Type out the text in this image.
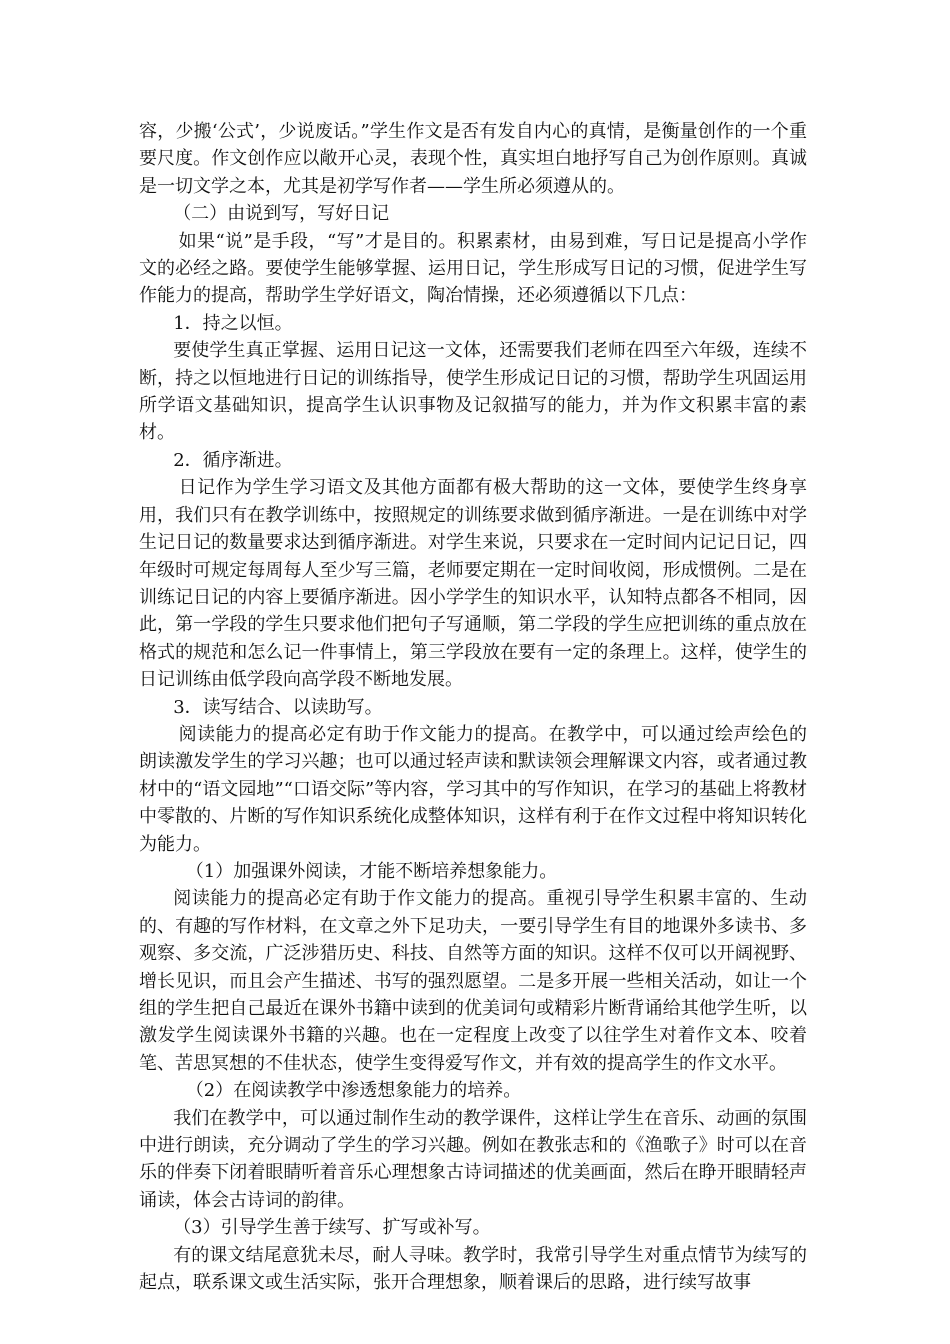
容，少搬‘公式’，少说废话。”学生作文是否有发自内心的真情，是衡量创作的一个重要尺度。作文创作应以敞开心灵，表现个性，真实坦白地抒写自己为创作原则。真诚是一切文学之本，尤其是初学写作者——学生所必须遵从的。

（二）由说到写，写好日记

如果“说”是手段，“写”才是目的。积累素材，由易到难，写日记是提高小学作文的必经之路。要使学生能够掌握、运用日记，学生形成写日记的习惯，促进学生写作能力的提高，帮助学生学好语文，陶冶情操，还必须遵循以下几点：

1．持之以恒。

要使学生真正掌握、运用日记这一文体，还需要我们老师在四至六年级，连续不断，持之以恒地进行日记的训练指导，使学生形成记日记的习惯，帮助学生巩固运用所学语文基础知识，提高学生认识事物及记叙描写的能力，并为作文积累丰富的素材。

2．循序渐进。

日记作为学生学习语文及其他方面都有极大帮助的这一文体，要使学生终身享用，我们只有在教学训练中，按照规定的训练要求做到循序渐进。一是在训练中对学生记日记的数量要求达到循序渐进。对学生来说，只要求在一定时间内记记日记，四年级时可规定每周每人至少写三篇，老师要定期在一定时间收阅，形成惯例。二是在训练记日记的内容上要循序渐进。因小学学生的知识水平，认知特点都各不相同，因此，第一学段的学生只要求他们把句子写通顺，第二学段的学生应把训练的重点放在格式的规范和怎么记一件事情上，第三学段放在要有一定的条理上。这样，使学生的日记训练由低学段向高学段不断地发展。

3．读写结合、以读助写。

阅读能力的提高必定有助于作文能力的提高。在教学中，可以通过绘声绘色的朗读激发学生的学习兴趣；也可以通过轻声读和默读领会理解课文内容，或者通过教材中的“语文园地”“口语交际”等内容，学习其中的写作知识，在学习的基础上将教材中零散的、片断的写作知识系统化成整体知识，这样有利于在作文过程中将知识转化为能力。

（1）加强课外阅读，才能不断培养想象能力。

阅读能力的提高必定有助于作文能力的提高。重视引导学生积累丰富的、生动的、有趣的写作材料，在文章之外下足功夫，一要引导学生有目的地课外多读书、多观察、多交流，广泛涉猎历史、科技、自然等方面的知识。这样不仅可以开阔视野、增长见识，而且会产生描述、书写的强烈愿望。二是多开展一些相关活动，如让一个组的学生把自己最近在课外书籍中读到的优美词句或精彩片断背诵给其他学生听，以激发学生阅读课外书籍的兴趣。也在一定程度上改变了以往学生对着作文本、咬着笔、苦思冥想的不佳状态，使学生变得爱写作文，并有效的提高学生的作文水平。

（2）在阅读教学中渗透想象能力的培养。

我们在教学中，可以通过制作生动的教学课件，这样让学生在音乐、动画的氛围中进行朗读，充分调动了学生的学习兴趣。例如在教张志和的《渔歌子》时可以在音乐的伴奏下闭着眼睛听着音乐心理想象古诗词描述的优美画面，然后在睁开眼睛轻声诵读，体会古诗词的韵律。

（3）引导学生善于续写、扩写或补写。

有的课文结尾意犹未尽，耐人寻味。教学时，我常引导学生对重点情节为续写的起点，联系课文或生活实际，张开合理想象，顺着课后的思路，进行续写故事
